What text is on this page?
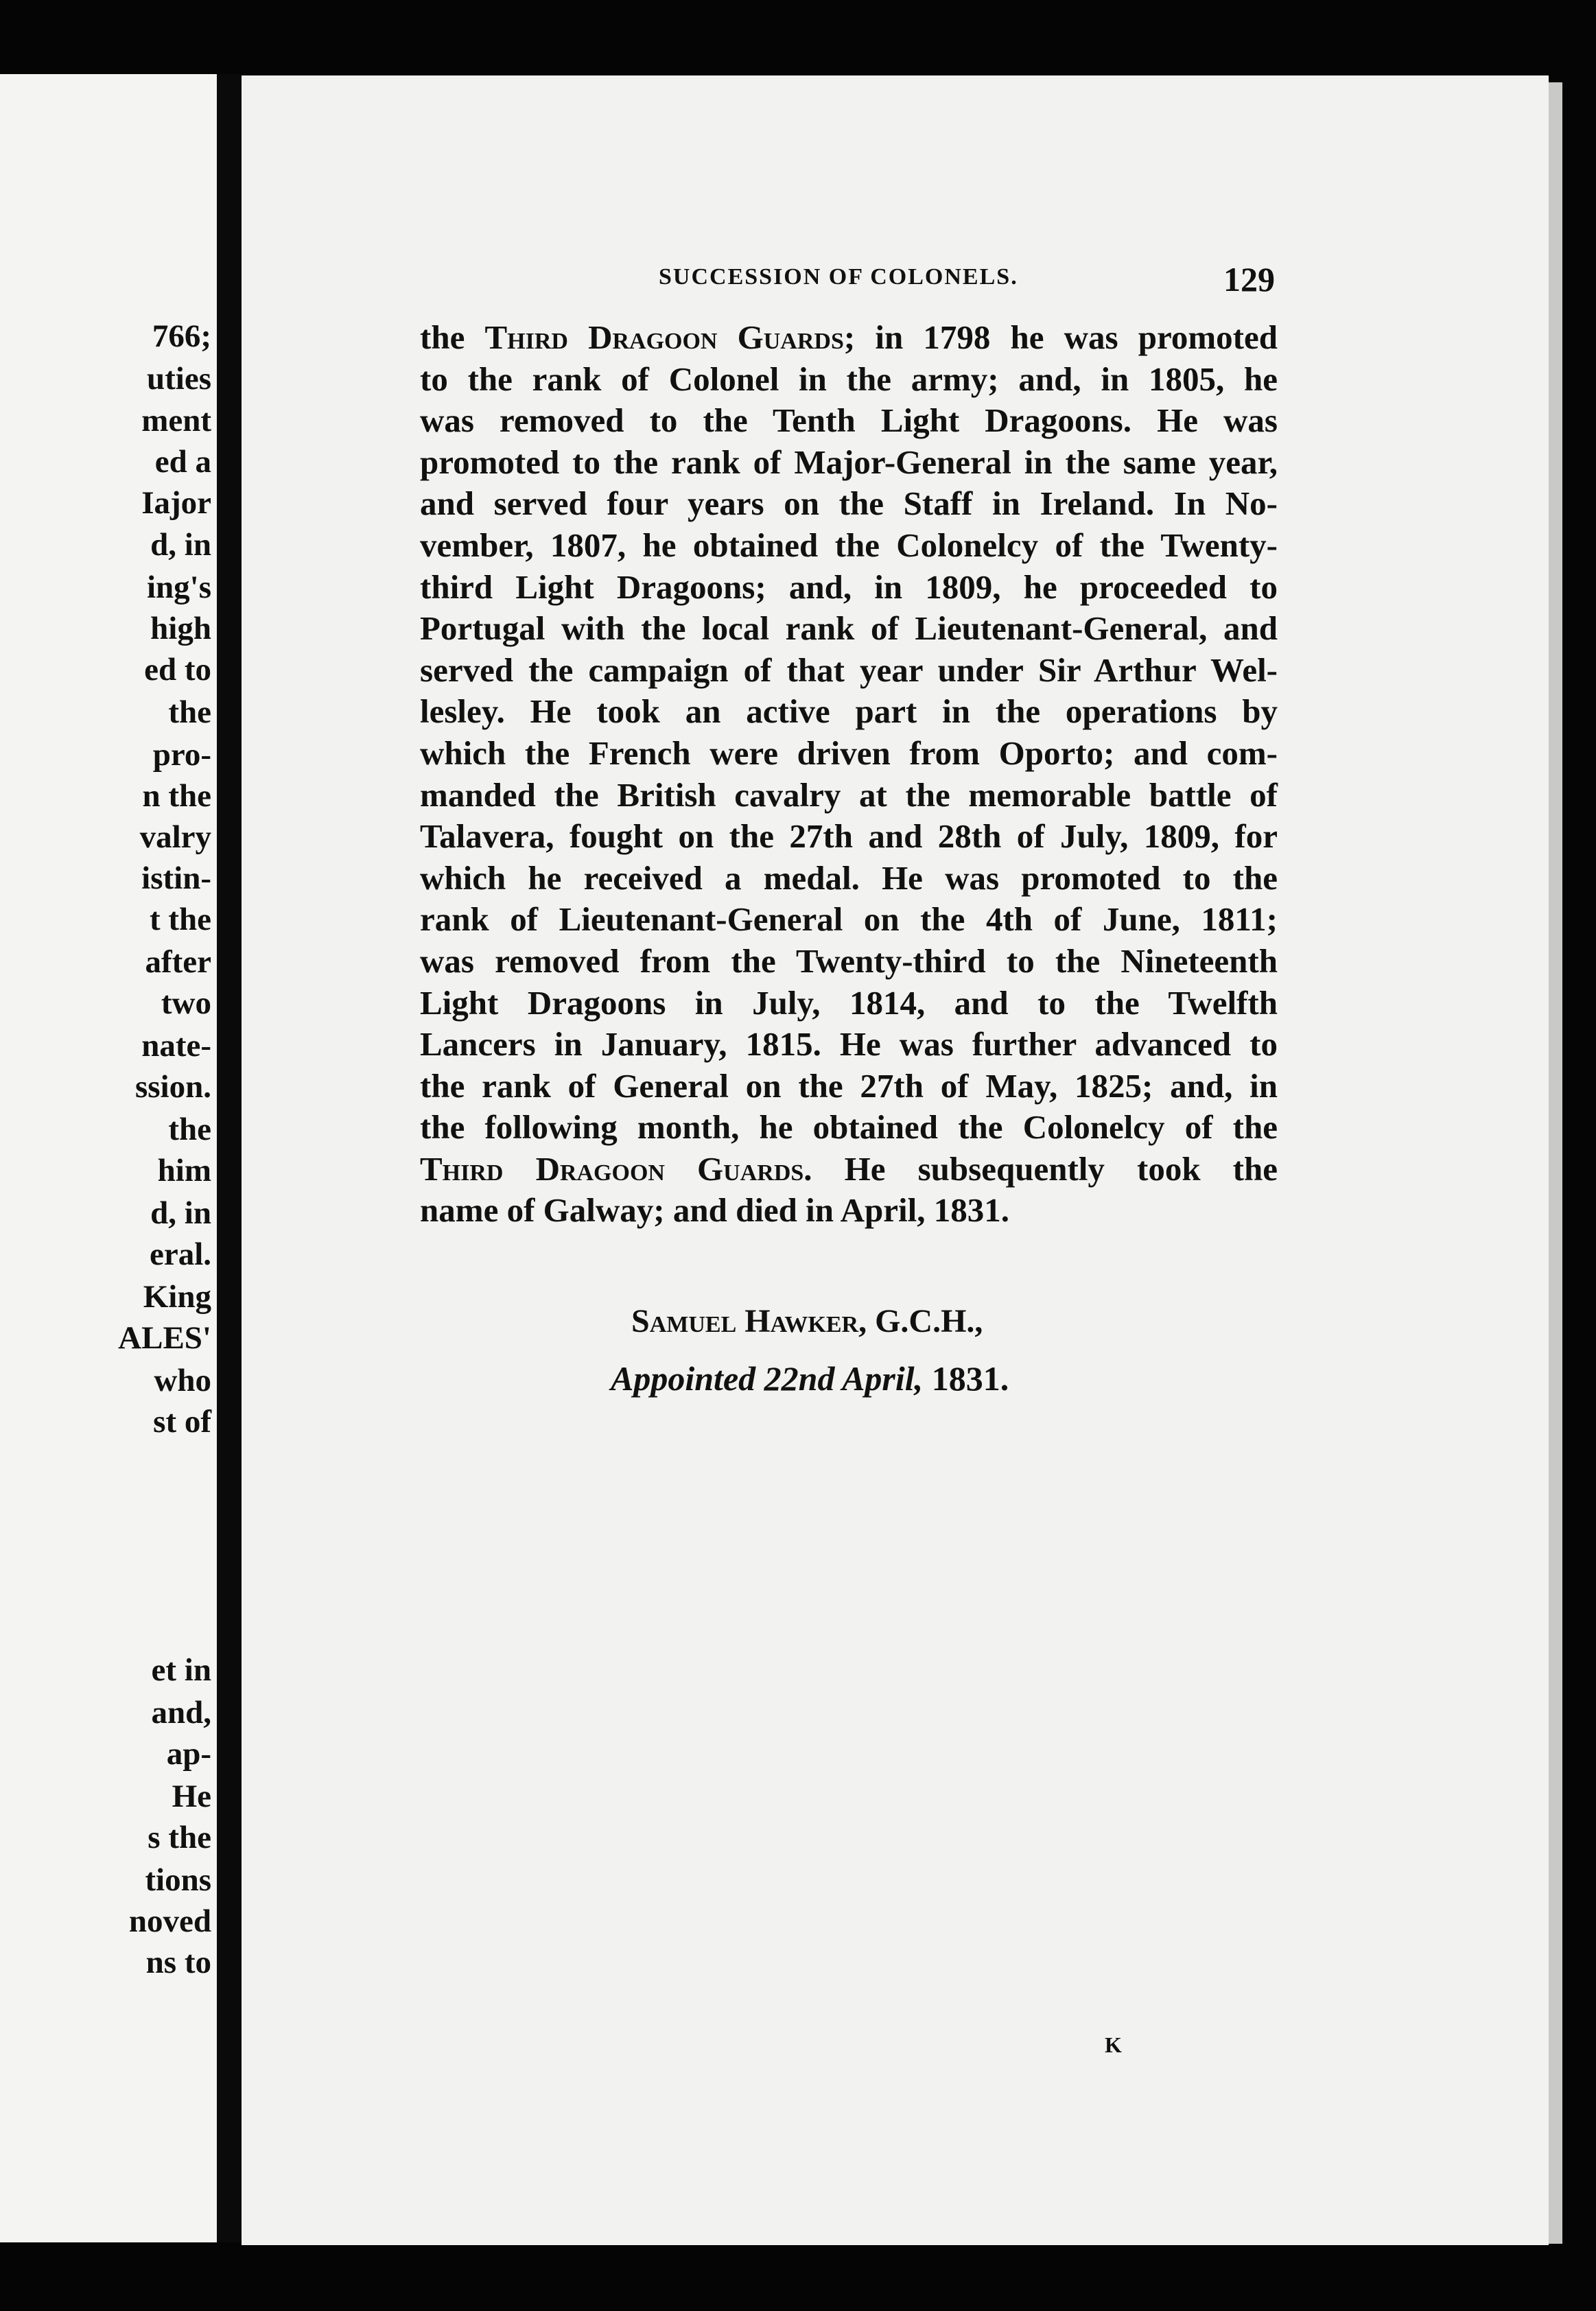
766;
uties
ment
ed a
Iajor
d, in
ing's
high
ed to
the
pro-
n the
valry
istin-
t the
after
two
nate-
ssion.
the
him
d, in
eral.
King
ALES'
who
st of
et in
and,
ap-
He
s the
tions
noved
ns to
SUCCESSION OF COLONELS.	129
the Third Dragoon Guards; in 1798 he was promoted
to the rank of Colonel in the army; and, in 1805, he
was removed to the Tenth Light Dragoons. He was
promoted to the rank of Major-General in the same year,
and served four years on the Staff in Ireland. In No-
vember, 1807, he obtained the Colonelcy of the Twenty-
third Light Dragoons; and, in 1809, he proceeded to
Portugal with the local rank of Lieutenant-General, and
served the campaign of that year under Sir Arthur Wel-
lesley. He took an active part in the operations by
which the French were driven from Oporto; and com-
manded the British cavalry at the memorable battle of
Talavera, fought on the 27th and 28th of July, 1809, for
which he received a medal. He was promoted to the
rank of Lieutenant-General on the 4th of June, 1811;
was removed from the Twenty-third to the Nineteenth
Light Dragoons in July, 1814, and to the Twelfth
Lancers in January, 1815. He was further advanced to
the rank of General on the 27th of May, 1825; and, in
the following month, he obtained the Colonelcy of the
Third Dragoon Guards. He subsequently took the
name of Galway; and died in April, 1831.
Samuel Hawker, G.C.H.,
Appointed 22nd April, 1831.
K
